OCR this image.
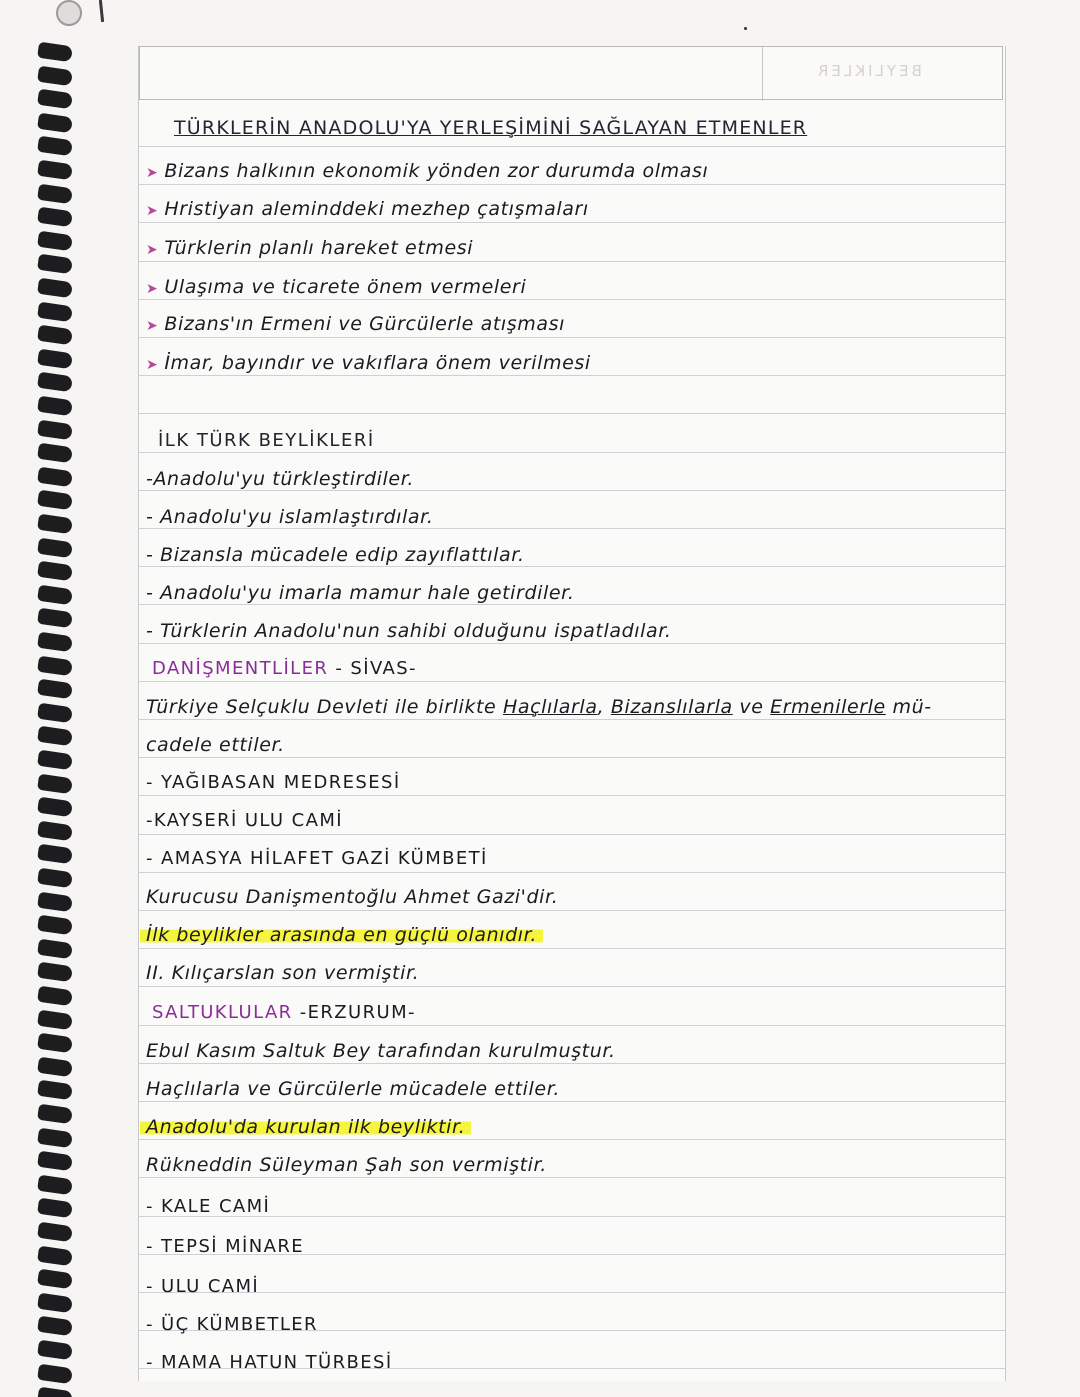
BEYLIKLER
TÜRKLERİN ANADOLU'YA YERLEŞİMİNİ SAĞLAYAN ETMENLER
➤ Bizans halkının ekonomik yönden zor durumda olması
➤ Hristiyan aleminddeki mezhep çatışmaları
➤ Türklerin planlı hareket etmesi
➤ Ulaşıma ve ticarete önem vermeleri
➤ Bizans'ın Ermeni ve Gürcülerle atışması
➤ İmar, bayındır ve vakıflara önem verilmesi
İLK TÜRK BEYLİKLERİ
-Anadolu'yu türkleştirdiler.
- Anadolu'yu islamlaştırdılar.
- Bizansla mücadele edip zayıflattılar.
- Anadolu'yu imarla mamur hale getirdiler.
- Türklerin Anadolu'nun sahibi olduğunu ispatladılar.
DANİŞMENTLİLER - SİVAS-
Türkiye Selçuklu Devleti ile birlikte Haçlılarla, Bizanslılarla ve Ermenilerle mü-
cadele ettiler.
- YAĞIBASAN MEDRESESİ
-KAYSERİ ULU CAMİ
- AMASYA HİLAFET GAZİ KÜMBETİ
Kurucusu Danişmentoğlu Ahmet Gazi'dir.
İlk beylikler arasında en güçlü olanıdır.
II. Kılıçarslan son vermiştir.
SALTUKLULAR -ERZURUM-
Ebul Kasım Saltuk Bey tarafından kurulmuştur.
Haçlılarla ve Gürcülerle mücadele ettiler.
Anadolu'da kurulan ilk beyliktir.
Rükneddin Süleyman Şah son vermiştir.
- KALE CAMİ
- TEPSİ MİNARE
- ULU CAMİ
- ÜÇ KÜMBETLER
- MAMA HATUN TÜRBESİ
